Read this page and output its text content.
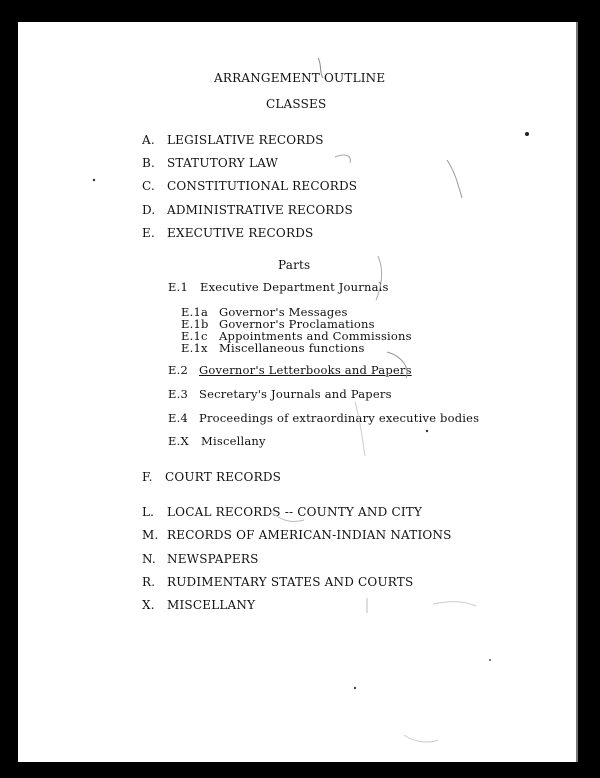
ARRANGEMENT OUTLINE
CLASSES
A. LEGISLATIVE RECORDS
B. STATUTORY LAW
C. CONSTITUTIONAL RECORDS
D. ADMINISTRATIVE RECORDS
E. EXECUTIVE RECORDS
Parts
E.1 Executive Department Journals
E.1a Governor's Messages
E.1b Governor's Proclamations
E.1c Appointments and Commissions
E.1x Miscellaneous functions
E.2 Governor's Letterbooks and Papers
E.3 Secretary's Journals and Papers
E.4 Proceedings of extraordinary executive bodies
E.X Miscellany
F. COURT RECORDS
L. LOCAL RECORDS -- COUNTY AND CITY
M. RECORDS OF AMERICAN-INDIAN NATIONS
N. NEWSPAPERS
R. RUDIMENTARY STATES AND COURTS
X. MISCELLANY
